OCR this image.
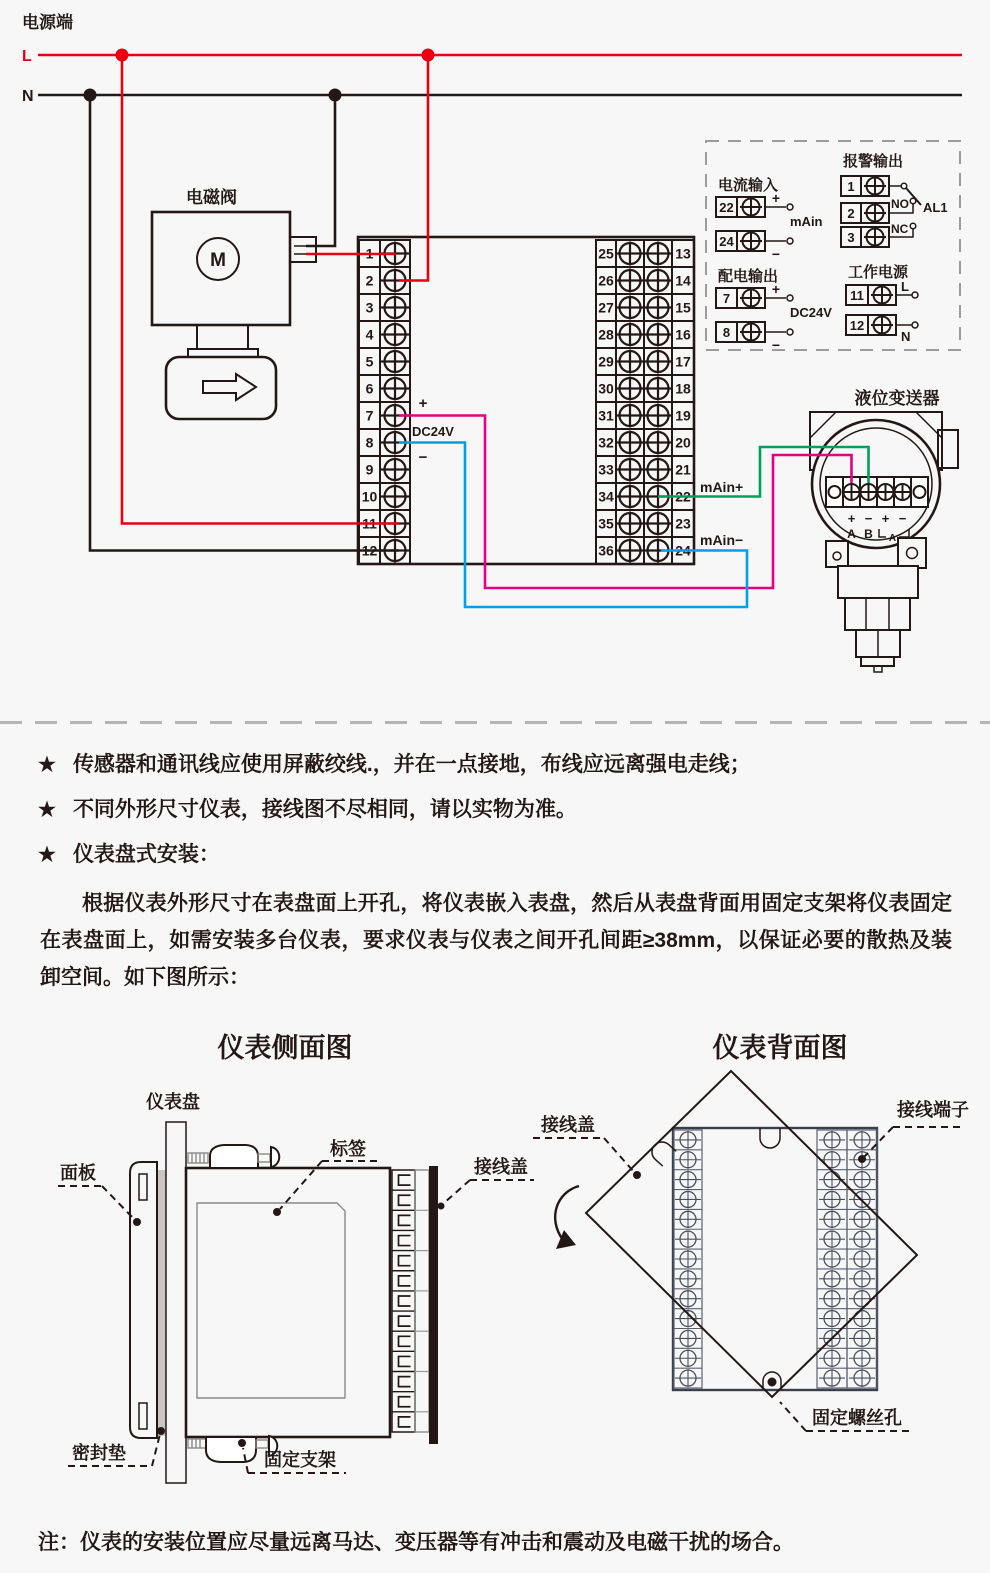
电源端
L
N
电磁阀
M	1
2
3
4
5
6
7
8
9
10
11
12
+
DC24V
−
25
26
27
28
29
30
31
32
33
34
35
36
13
14
15
16
17
18
19
20
21
22
23
24
mAin+
mAin−
电流输入
22
+
mAin
24
−
报警输出
1
2
3
NO
NC
AL1
配电输出
7
+
DC24V
8
−
工作电源
11
L
12
N
液位变送器
+ − + −
A B A
★ 传感器和通讯线应使用屏蔽绞线.，并在一点接地，布线应远离强电走线；
★ 不同外形尺寸仪表，接线图不尽相同，请以实物为准。
★ 仪表盘式安装：

根据仪表外形尺寸在表盘面上开孔，将仪表嵌入表盘，然后从表盘背面用固定支架将仪表固定在表盘面上，如需安装多台仪表，要求仪表与仪表之间开孔间距≥38mm，以保证必要的散热及装卸空间。如下图所示：

仪表侧面图	仪表背面图
仪表盘
面板
标签
接线盖
密封垫	固定支架
接线盖
接线端子
固定螺丝孔

注：仪表的安装位置应尽量远离马达、变压器等有冲击和震动及电磁干扰的场合。
